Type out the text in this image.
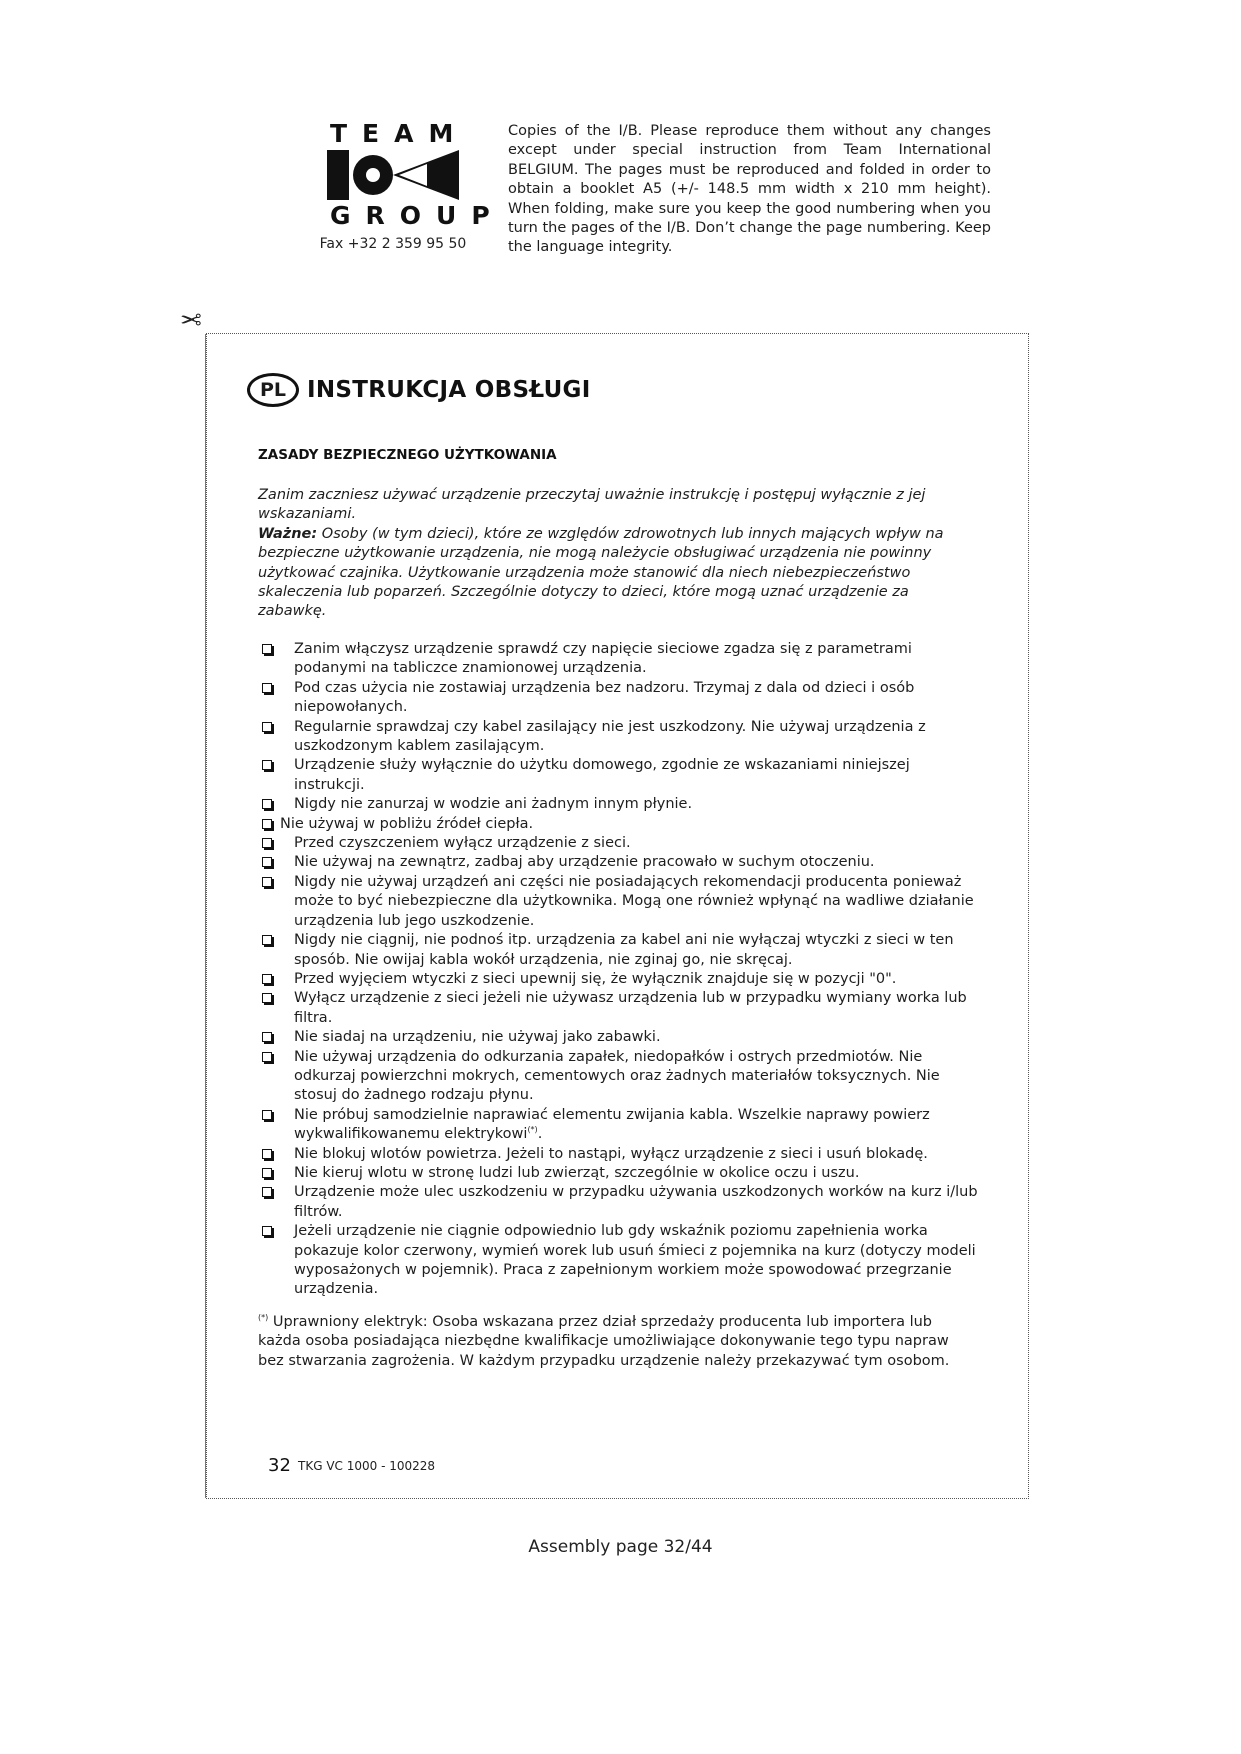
TEAM
GROUP
Fax +32 2 359 95 50
Copies of the I/B. Please reproduce them without any changes except under special instruction from Team International BELGIUM. The pages must be reproduced and folded in order to obtain a booklet A5 (+/- 148.5 mm width x 210 mm height). When folding, make sure you keep the good numbering when you turn the pages of the I/B. Don’t change the page numbering. Keep the language integrity.
✂
PL INSTRUKCJA OBSŁUGI
ZASADY BEZPIECZNEGO UŻYTKOWANIA

Zanim zaczniesz używać urządzenie przeczytaj uważnie instrukcję i postępuj wyłącznie z jej wskazaniami.

Ważne: Osoby (w tym dzieci), które ze względów zdrowotnych lub innych mających wpływ na bezpieczne użytkowanie urządzenia, nie mogą należycie obsługiwać urządzenia nie powinny użytkować czajnika. Użytkowanie urządzenia może stanowić dla niech niebezpieczeństwo skaleczenia lub poparzeń. Szczególnie dotyczy to dzieci, które mogą uznać urządzenie za zabawkę.

Zanim włączysz urządzenie sprawdź czy napięcie sieciowe zgadza się z parametrami podanymi na tabliczce znamionowej urządzenia.
Pod czas użycia nie zostawiaj urządzenia bez nadzoru. Trzymaj z dala od dzieci i osób niepowołanych.
Regularnie sprawdzaj czy kabel zasilający nie jest uszkodzony. Nie używaj urządzenia z uszkodzonym kablem zasilającym.
Urządzenie służy wyłącznie do użytku domowego, zgodnie ze wskazaniami niniejszej instrukcji.
Nigdy nie zanurzaj w wodzie ani żadnym innym płynie.
Nie używaj w pobliżu źródeł ciepła.
Przed czyszczeniem wyłącz urządzenie z sieci.
Nie używaj na zewnątrz, zadbaj aby urządzenie pracowało w suchym otoczeniu.
Nigdy nie używaj urządzeń ani części nie posiadających rekomendacji producenta ponieważ może to być niebezpieczne dla użytkownika. Mogą one również wpłynąć na wadliwe działanie urządzenia lub jego uszkodzenie.
Nigdy nie ciągnij, nie podnoś itp. urządzenia za kabel ani nie wyłączaj wtyczki z sieci w ten sposób. Nie owijaj kabla wokół urządzenia, nie zginaj go, nie skręcaj.
Przed wyjęciem wtyczki z sieci upewnij się, że wyłącznik znajduje się w pozycji "0".
Wyłącz urządzenie z sieci jeżeli nie używasz urządzenia lub w przypadku wymiany worka lub filtra.
Nie siadaj na urządzeniu, nie używaj jako zabawki.
Nie używaj urządzenia do odkurzania zapałek, niedopałków i ostrych przedmiotów. Nie odkurzaj powierzchni mokrych, cementowych oraz żadnych materiałów toksycznych. Nie stosuj do żadnego rodzaju płynu.
Nie próbuj samodzielnie naprawiać elementu zwijania kabla. Wszelkie naprawy powierz wykwalifikowanemu elektrykowi(*).
Nie blokuj wlotów powietrza. Jeżeli to nastąpi, wyłącz urządzenie z sieci i usuń blokadę.
Nie kieruj wlotu w stronę ludzi lub zwierząt, szczególnie w okolice oczu i uszu.
Urządzenie może ulec uszkodzeniu w przypadku używania uszkodzonych worków na kurz i/lub filtrów.
Jeżeli urządzenie nie ciągnie odpowiednio lub gdy wskaźnik poziomu zapełnienia worka pokazuje kolor czerwony, wymień worek lub usuń śmieci z pojemnika na kurz (dotyczy modeli wyposażonych w pojemnik). Praca z zapełnionym workiem może spowodować przegrzanie urządzenia.
(*) Uprawniony elektryk: Osoba wskazana przez dział sprzedaży producenta lub importera lub każda osoba posiadająca niezbędne kwalifikacje umożliwiające dokonywanie tego typu napraw bez stwarzania zagrożenia. W każdym przypadku urządzenie należy przekazywać tym osobom.
32 TKG VC 1000 - 100228
Assembly page 32/44
